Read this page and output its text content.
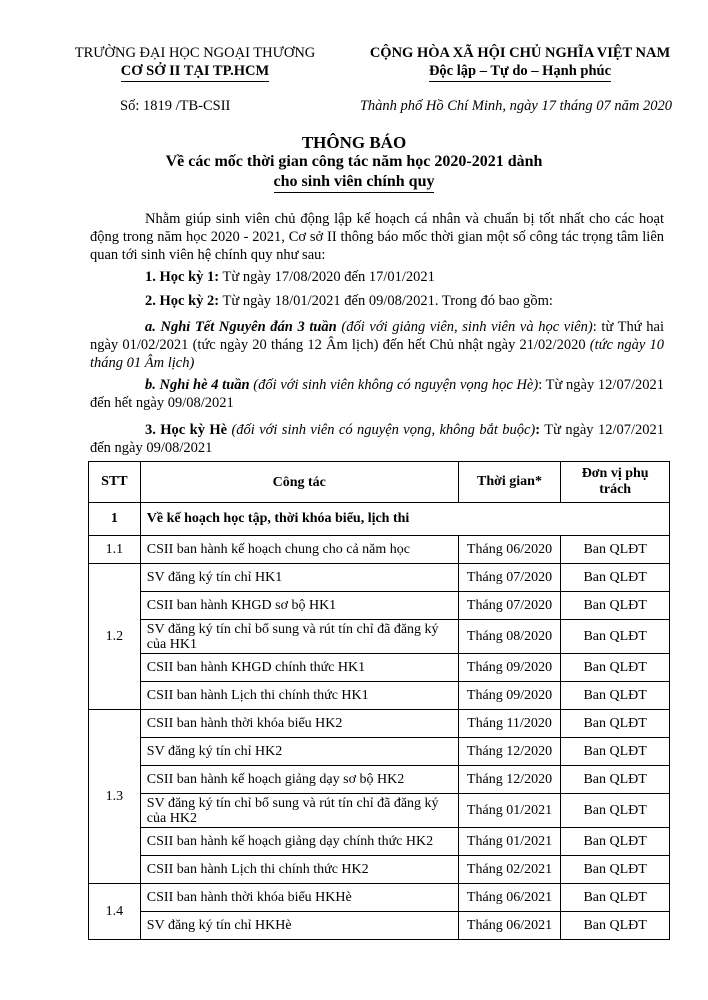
TRƯỜNG ĐẠI HỌC NGOẠI THƯƠNG
CƠ SỞ II TẠI TP.HCM
CỘNG HÒA XÃ HỘI CHỦ NGHĨA VIỆT NAM
Độc lập – Tự do – Hạnh phúc
Số: 1819 /TB-CSII	Thành phố Hồ Chí Minh, ngày 17 tháng 07 năm 2020
THÔNG BÁO
Về các mốc thời gian công tác năm học 2020-2021 dành
cho sinh viên chính quy
Nhằm giúp sinh viên chủ động lập kế hoạch cá nhân và chuẩn bị tốt nhất cho các hoạt động trong năm học 2020 - 2021, Cơ sở II thông báo mốc thời gian một số công tác trọng tâm liên quan tới sinh viên hệ chính quy như sau:
1. Học kỳ 1: Từ ngày 17/08/2020 đến 17/01/2021
2. Học kỳ 2: Từ ngày 18/01/2021 đến 09/08/2021. Trong đó bao gồm:
a. Nghỉ Tết Nguyên đán 3 tuần (đối với giảng viên, sinh viên và học viên): từ Thứ hai ngày 01/02/2021 (tức ngày 20 tháng 12 Âm lịch) đến hết Chủ nhật ngày 21/02/2020 (tức ngày 10 tháng 01 Âm lịch)
b. Nghỉ hè 4 tuần (đối với sinh viên không có nguyện vọng học Hè): Từ ngày 12/07/2021 đến hết ngày 09/08/2021
3. Học kỳ Hè (đối với sinh viên có nguyện vọng, không bắt buộc): Từ ngày 12/07/2021 đến ngày 09/08/2021
STT	Công tác	Thời gian*	Đơn vị phụ trách
1	Về kế hoạch học tập, thời khóa biểu, lịch thi		
1.1	CSII ban hành kế hoạch chung cho cả năm học	Tháng 06/2020	Ban QLĐT
1.2	SV đăng ký tín chỉ HK1	Tháng 07/2020	Ban QLĐT
	CSII ban hành KHGD sơ bộ HK1	Tháng 07/2020	Ban QLĐT
	SV đăng ký tín chỉ bổ sung và rút tín chỉ đã đăng ký của HK1	Tháng 08/2020	Ban QLĐT
	CSII ban hành KHGD chính thức HK1	Tháng 09/2020	Ban QLĐT
	CSII ban hành Lịch thi chính thức HK1	Tháng 09/2020	Ban QLĐT
1.3	CSII ban hành thời khóa biểu HK2	Tháng 11/2020	Ban QLĐT
	SV đăng ký tín chỉ HK2	Tháng 12/2020	Ban QLĐT
	CSII ban hành kế hoạch giảng dạy sơ bộ HK2	Tháng 12/2020	Ban QLĐT
	SV đăng ký tín chỉ bổ sung và rút tín chỉ đã đăng ký của HK2	Tháng 01/2021	Ban QLĐT
	CSII ban hành kế hoạch giảng dạy chính thức HK2	Tháng 01/2021	Ban QLĐT
	CSII ban hành Lịch thi chính thức HK2	Tháng 02/2021	Ban QLĐT
1.4	CSII ban hành thời khóa biểu HKHè	Tháng 06/2021	Ban QLĐT
	SV đăng ký tín chỉ HKHè	Tháng 06/2021	Ban QLĐT
